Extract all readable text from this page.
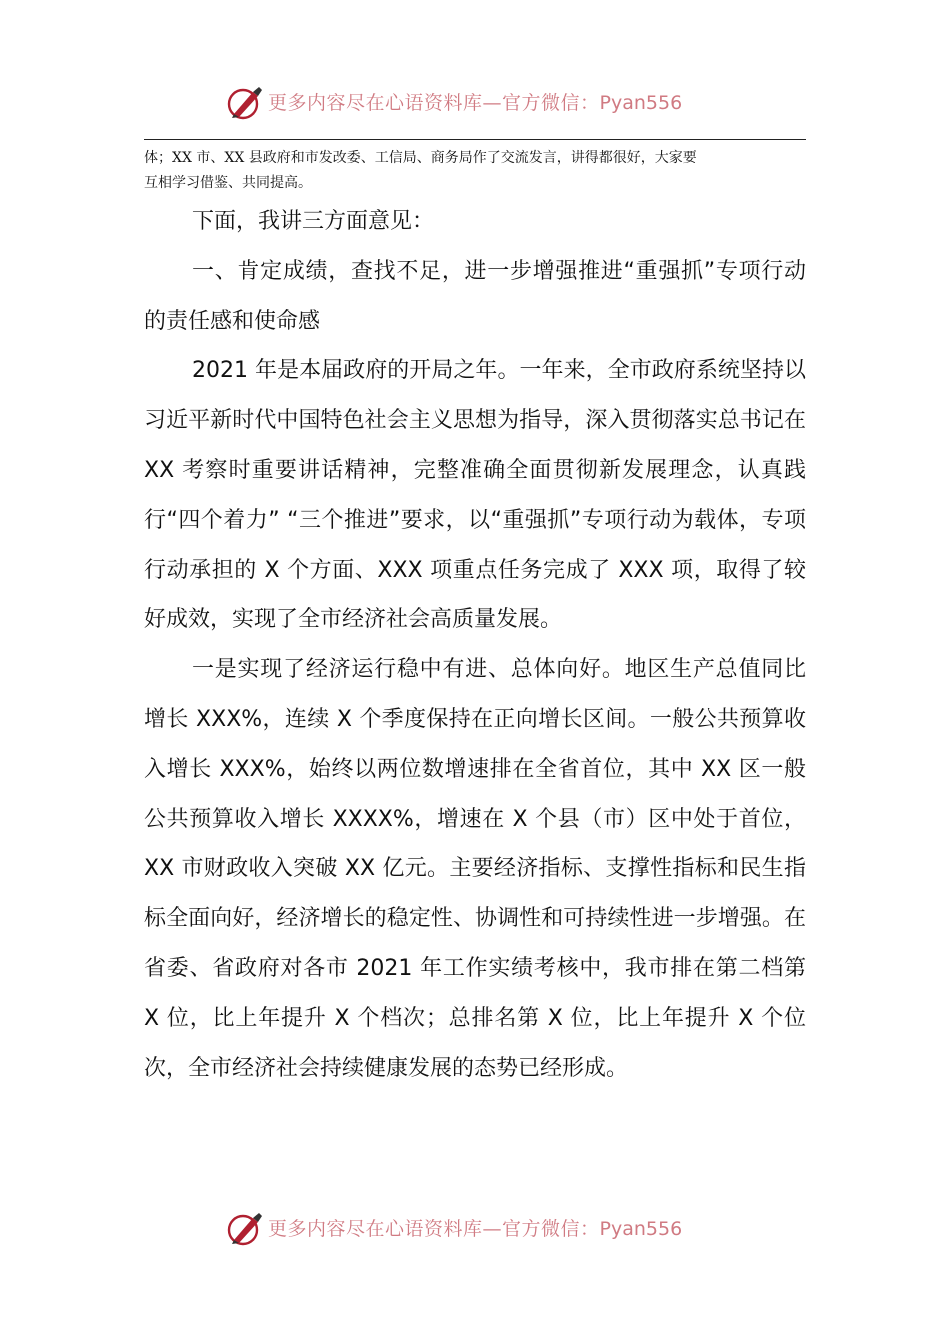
更多内容尽在心语资料库—官方微信：Pyan556

体；XX 市、XX 县政府和市发改委、工信局、商务局作了交流发言，讲得都很好，大家要

互相学习借鉴、共同提高。

下面，我讲三方面意见：

一、肯定成绩，查找不足，进一步增强推进“重强抓”专项行动的责任感和使命感

2021 年是本届政府的开局之年。一年来，全市政府系统坚持以习近平新时代中国特色社会主义思想为指导，深入贯彻落实总书记在 XX 考察时重要讲话精神，完整准确全面贯彻新发展理念，认真践行“四个着力” “三个推进”要求，以“重强抓”专项行动为载体，专项行动承担的 X 个方面、XXX 项重点任务完成了 XXX 项，取得了较好成效，实现了全市经济社会高质量发展。

一是实现了经济运行稳中有进、总体向好。地区生产总值同比增长 XXX%，连续 X 个季度保持在正向增长区间。一般公共预算收入增长 XXX%，始终以两位数增速排在全省首位，其中 XX 区一般公共预算收入增长 XXXX%，增速在 X 个县（市）区中处于首位，XX 市财政收入突破 XX 亿元。主要经济指标、支撑性指标和民生指标全面向好，经济增长的稳定性、协调性和可持续性进一步增强。在省委、省政府对各市 2021 年工作实绩考核中，我市排在第二档第 X 位，比上年提升 X 个档次；总排名第 X 位，比上年提升 X 个位次，全市经济社会持续健康发展的态势已经形成。

更多内容尽在心语资料库—官方微信：Pyan556
